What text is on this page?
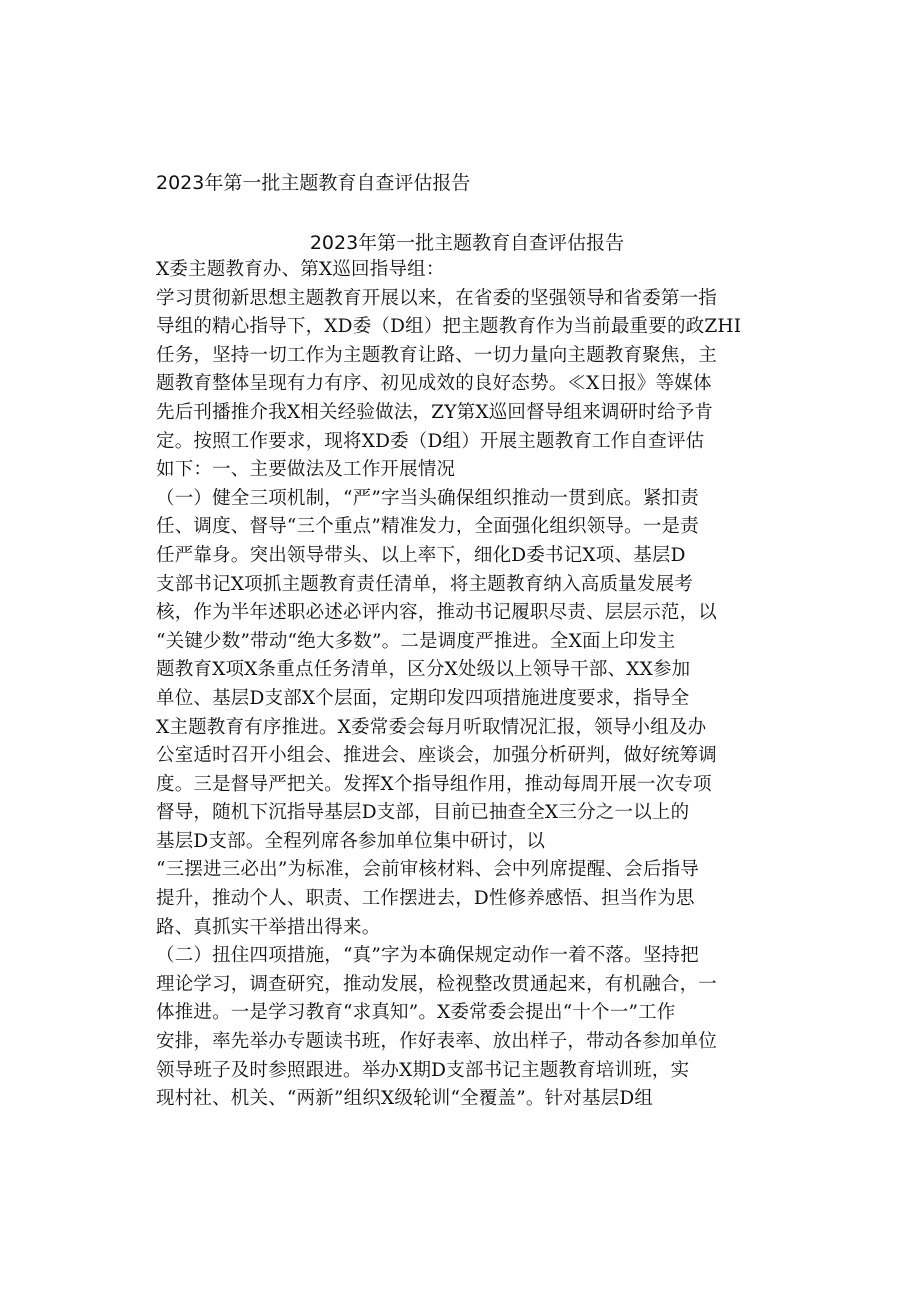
2023年第一批主题教育自查评估报告
2023年第一批主题教育自查评估报告
X委主题教育办、第X巡回指导组：
学习贯彻新思想主题教育开展以来，在省委的坚强领导和省委第一指
导组的精心指导下，XD委（D组）把主题教育作为当前最重要的政ZHI
任务，坚持一切工作为主题教育让路、一切力量向主题教育聚焦，主
题教育整体呈现有力有序、初见成效的良好态势。≪X日报》等媒体
先后刊播推介我X相关经验做法，ZY第X巡回督导组来调研时给予肯
定。按照工作要求，现将XD委（D组）开展主题教育工作自查评估
如下：一、主要做法及工作开展情况
（一）健全三项机制，“严”字当头确保组织推动一贯到底。紧扣责
任、调度、督导“三个重点”精准发力，全面强化组织领导。一是责
任严靠身。突出领导带头、以上率下，细化D委书记X项、基层D
支部书记X项抓主题教育责任清单，将主题教育纳入高质量发展考
核，作为半年述职必述必评内容，推动书记履职尽责、层层示范，以
“关键少数”带动“绝大多数”。二是调度严推进。全X面上印发主
题教育X项X条重点任务清单，区分X处级以上领导干部、XX参加
单位、基层D支部X个层面，定期印发四项措施进度要求，指导全
X主题教育有序推进。X委常委会每月听取情况汇报，领导小组及办
公室适时召开小组会、推进会、座谈会，加强分析研判，做好统筹调
度。三是督导严把关。发挥X个指导组作用，推动每周开展一次专项
督导，随机下沉指导基层D支部，目前已抽查全X三分之一以上的
基层D支部。全程列席各参加单位集中研讨，以
“三摆进三必出”为标准，会前审核材料、会中列席提醒、会后指导
提升，推动个人、职责、工作摆进去，D性修养感悟、担当作为思
路、真抓实干举措出得来。
（二）扭住四项措施，“真”字为本确保规定动作一着不落。坚持把
理论学习，调查研究，推动发展，检视整改贯通起来，有机融合，一
体推进。一是学习教育“求真知”。X委常委会提出“十个一”工作
安排，率先举办专题读书班，作好表率、放出样子，带动各参加单位
领导班子及时参照跟进。举办X期D支部书记主题教育培训班，实
现村社、机关、“两新”组织X级轮训“全覆盖”。针对基层D组
